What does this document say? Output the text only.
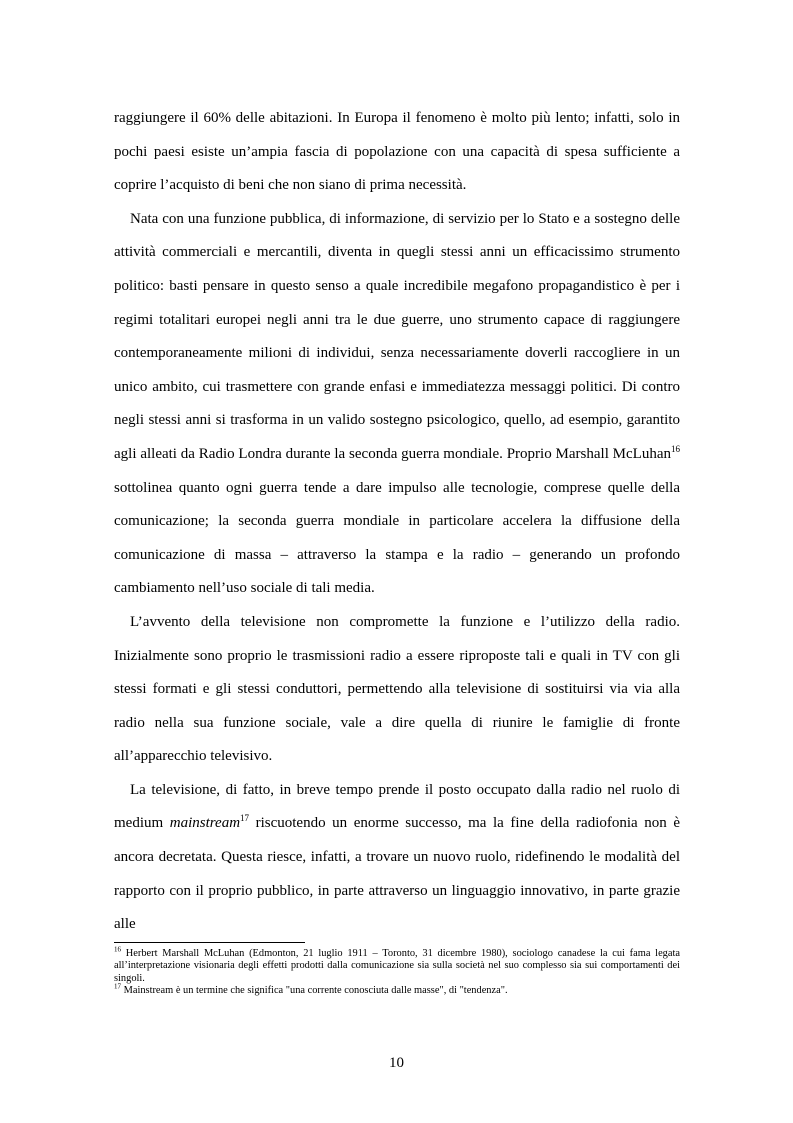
raggiungere il 60% delle abitazioni. In Europa il fenomeno è molto più lento; infatti, solo in pochi paesi esiste un’ampia fascia di popolazione con una capacità di spesa sufficiente a coprire l’acquisto di beni che non siano di prima necessità.

Nata con una funzione pubblica, di informazione, di servizio per lo Stato e a sostegno delle attività commerciali e mercantili, diventa in quegli stessi anni un efficacissimo strumento politico: basti pensare in questo senso a quale incredibile megafono propagandistico è per i regimi totalitari europei negli anni tra le due guerre, uno strumento capace di raggiungere contemporaneamente milioni di individui, senza necessariamente doverli raccogliere in un unico ambito, cui trasmettere con grande enfasi e immediatezza messaggi politici. Di contro negli stessi anni si trasforma in un valido sostegno psicologico, quello, ad esempio, garantito agli alleati da Radio Londra durante la seconda guerra mondiale. Proprio Marshall McLuhan$^{16}$ sottolinea quanto ogni guerra tende a dare impulso alle tecnologie, comprese quelle della comunicazione; la seconda guerra mondiale in particolare accelera la diffusione della comunicazione di massa – attraverso la stampa e la radio – generando un profondo cambiamento nell’uso sociale di tali media.

L’avvento della televisione non compromette la funzione e l’utilizzo della radio. Inizialmente sono proprio le trasmissioni radio a essere riproposte tali e quali in TV con gli stessi formati e gli stessi conduttori, permettendo alla televisione di sostituirsi via via alla radio nella sua funzione sociale, vale a dire quella di riunire le famiglie di fronte all’apparecchio televisivo.

La televisione, di fatto, in breve tempo prende il posto occupato dalla radio nel ruolo di medium mainstream$^{17}$ riscuotendo un enorme successo, ma la fine della radiofonia non è ancora decretata. Questa riesce, infatti, a trovare un nuovo ruolo, ridefinendo le modalità del rapporto con il proprio pubblico, in parte attraverso un linguaggio innovativo, in parte grazie alle

$^{16}$ Herbert Marshall McLuhan (Edmonton, 21 luglio 1911 – Toronto, 31 dicembre 1980), sociologo canadese la cui fama legata all’interpretazione visionaria degli effetti prodotti dalla comunicazione sia sulla società nel suo complesso sia sui comportamenti dei singoli.

$^{17}$ Mainstream è un termine che significa "una corrente conosciuta dalle masse", di "tendenza".

10
